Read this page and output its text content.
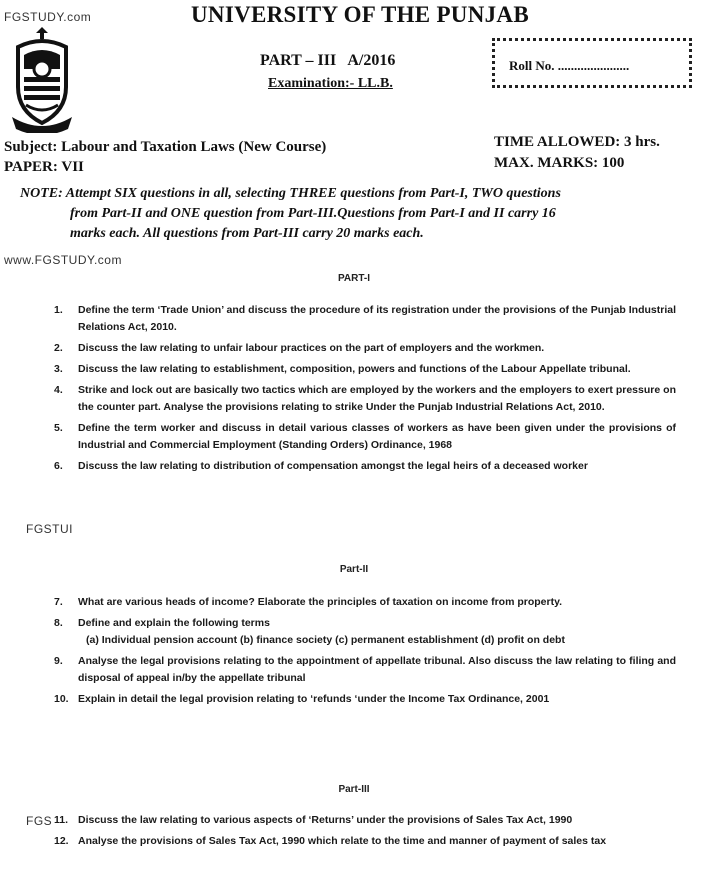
FGSTUDY.com
www.FGSTUDY.com
FGSTUI
FGS
UNIVERSITY OF THE PUNJAB
PART – III A/2016
Examination:- LL.B.
Roll No. ......................
Subject: Labour and Taxation Laws (New Course)
PAPER: VII
TIME ALLOWED: 3 hrs.
MAX. MARKS: 100
NOTE: Attempt SIX questions in all, selecting THREE questions from Part-I, TWO questions
from Part-II and ONE question from Part-III.Questions from Part-I and II carry 16
marks each. All questions from Part-III carry 20 marks each.
PART-I
1. Define the term ‘Trade Union’ and discuss the procedure of its registration under the provisions of the Punjab Industrial Relations Act, 2010.
2. Discuss the law relating to unfair labour practices on the part of employers and the workmen.
3. Discuss the law relating to establishment, composition, powers and functions of the Labour Appellate tribunal.
4. Strike and lock out are basically two tactics which are employed by the workers and the employers to exert pressure on the counter part. Analyse the provisions relating to strike Under the Punjab Industrial Relations Act, 2010.
5. Define the term worker and discuss in detail various classes of workers as have been given under the provisions of Industrial and Commercial Employment (Standing Orders) Ordinance, 1968
6. Discuss the law relating to distribution of compensation amongst the legal heirs of a deceased worker
Part-II
7. What are various heads of income? Elaborate the principles of taxation on income from property.
8. Define and explain the following terms
(a) Individual pension account (b) finance society (c) permanent establishment (d) profit on debt
9. Analyse the legal provisions relating to the appointment of appellate tribunal. Also discuss the law relating to filing and disposal of appeal in/by the appellate tribunal
10. Explain in detail the legal provision relating to ‘refunds ‘under the Income Tax Ordinance, 2001
Part-III
11. Discuss the law relating to various aspects of ‘Returns’ under the provisions of Sales Tax Act, 1990
12. Analyse the provisions of Sales Tax Act, 1990 which relate to the time and manner of payment of sales tax
